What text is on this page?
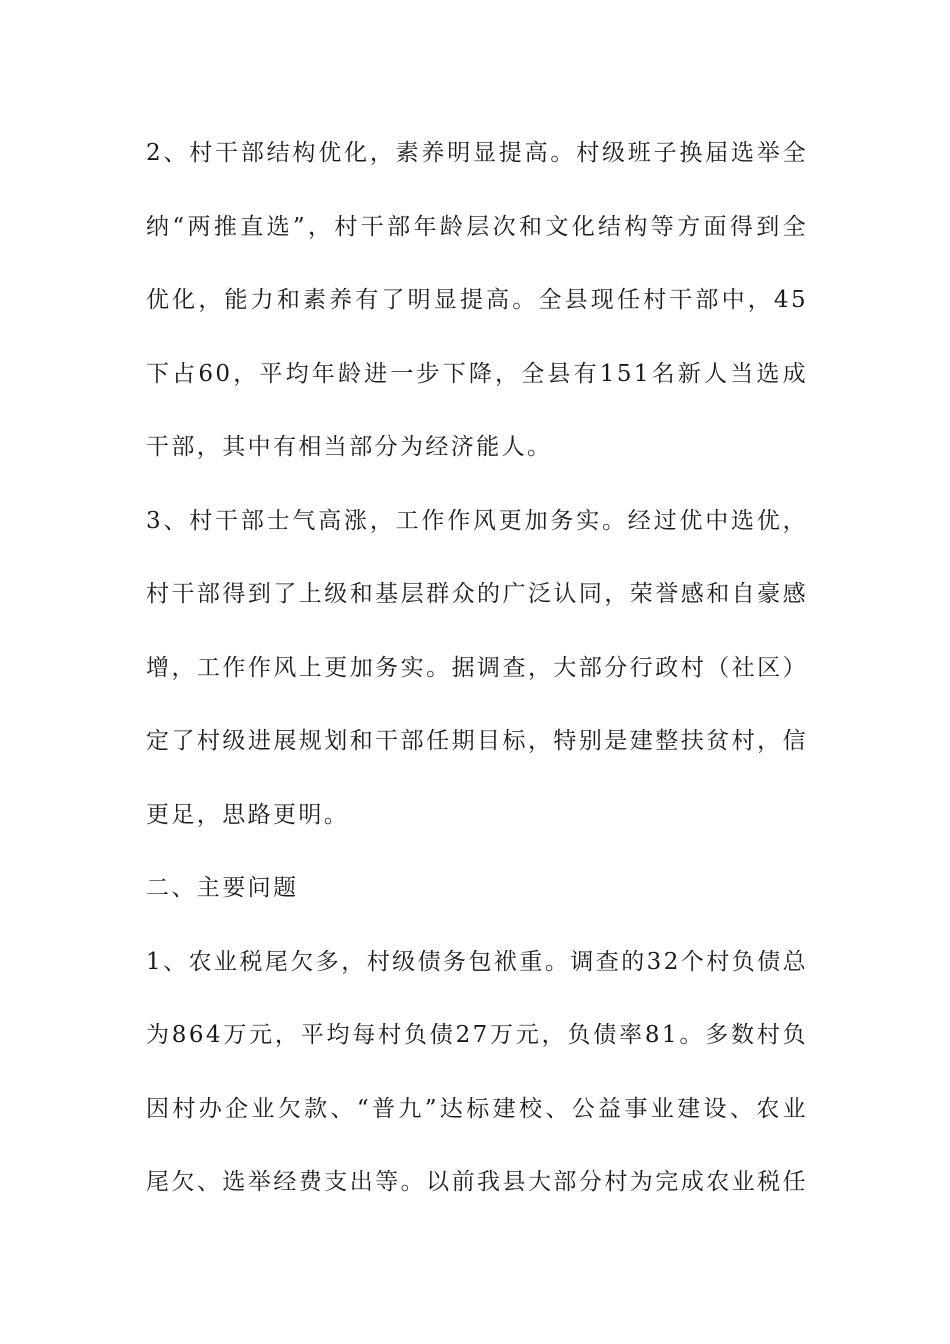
2、村干部结构优化，素养明显提高。村级班子换届选举全
纳“两推直选”，村干部年龄层次和文化结构等方面得到全
优化，能力和素养有了明显提高。全县现任村干部中，45
下占60，平均年龄进一步下降，全县有151名新人当选成
干部，其中有相当部分为经济能人。
3、村干部士气高涨，工作作风更加务实。经过优中选优，
村干部得到了上级和基层群众的广泛认同，荣誉感和自豪感
增，工作作风上更加务实。据调查，大部分行政村（社区）
定了村级进展规划和干部任期目标，特别是建整扶贫村，信
更足，思路更明。
二、主要问题
1、农业税尾欠多，村级债务包袱重。调查的32个村负债总
为864万元，平均每村负债27万元，负债率81。多数村负
因村办企业欠款、“普九”达标建校、公益事业建设、农业
尾欠、选举经费支出等。以前我县大部分村为完成农业税任
